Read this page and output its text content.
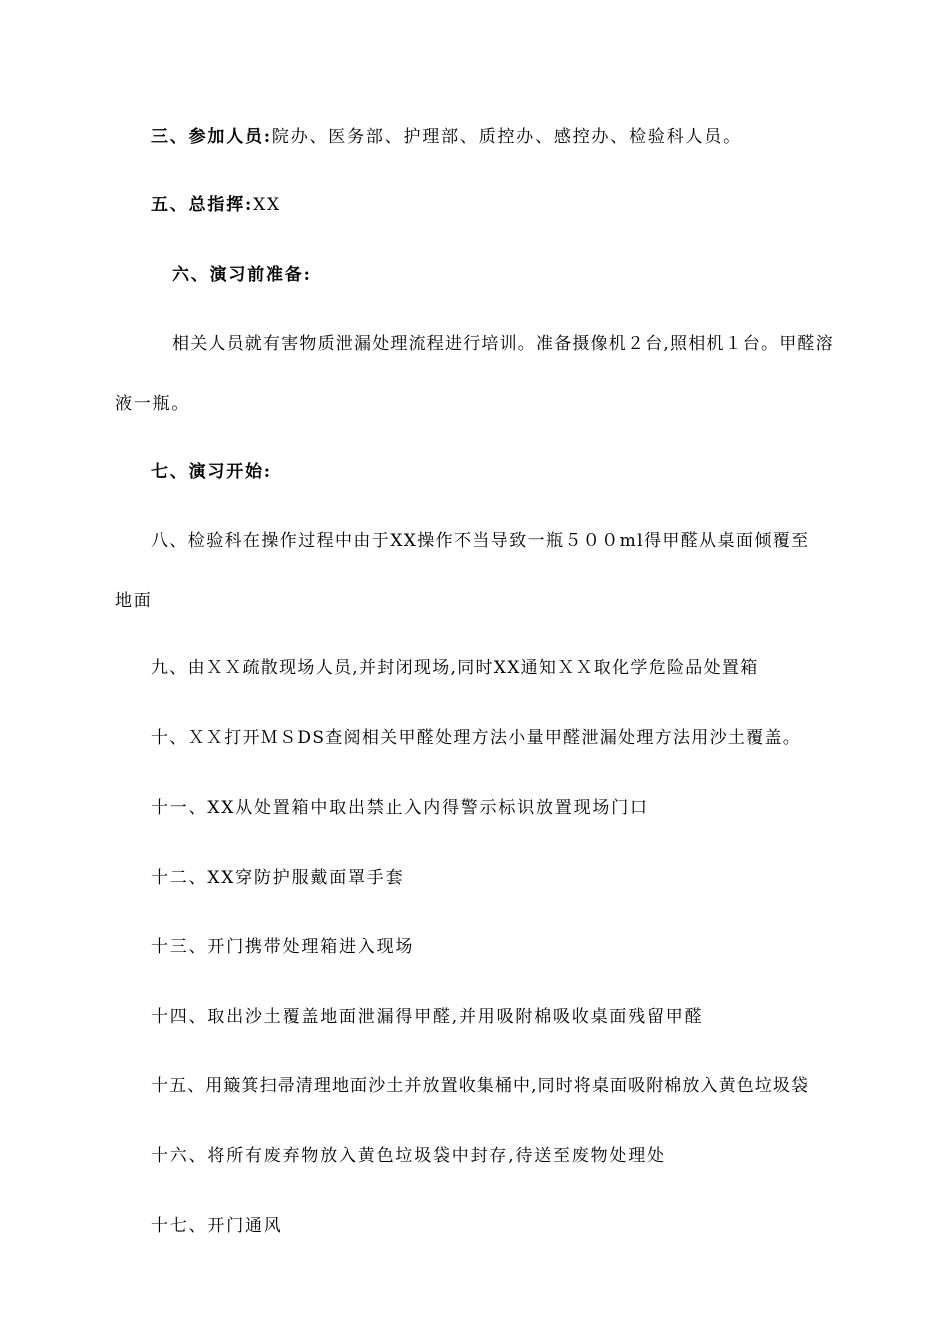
三、参加人员:院办、医务部、护理部、质控办、感控办、检验科人员。
五、总指挥:XX
六、演习前准备:
相关人员就有害物质泄漏处理流程进行培训。准备摄像机２台,照相机１台。甲醛溶
液一瓶。
七、演习开始:
八、检验科在操作过程中由于XX操作不当导致一瓶５００ml得甲醛从桌面倾覆至
地面
九、由ＸＸ疏散现场人员,并封闭现场,同时XX通知ＸＸ取化学危险品处置箱
十、ＸＸ打开ＭＳDS查阅相关甲醛处理方法小量甲醛泄漏处理方法用沙土覆盖。
十一、XX从处置箱中取出禁止入内得警示标识放置现场门口
十二、XX穿防护服戴面罩手套
十三、开门携带处理箱进入现场
十四、取出沙土覆盖地面泄漏得甲醛,并用吸附棉吸收桌面残留甲醛
十五、用簸箕扫帚清理地面沙土并放置收集桶中,同时将桌面吸附棉放入黄色垃圾袋
十六、将所有废弃物放入黄色垃圾袋中封存,待送至废物处理处
十七、开门通风
